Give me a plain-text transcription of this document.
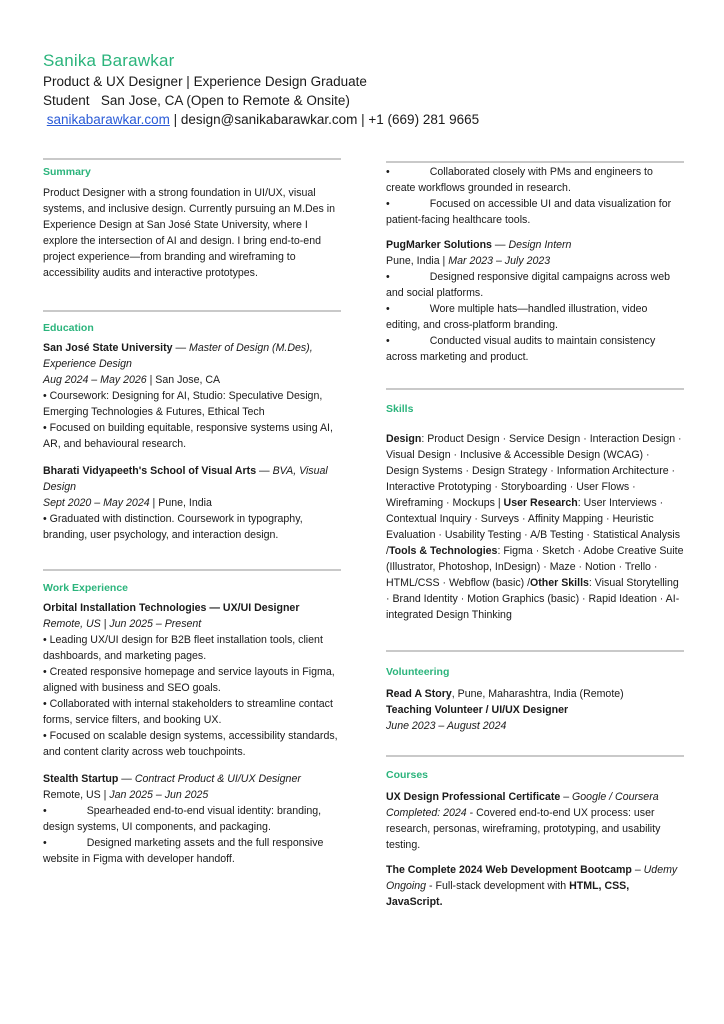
Sanika Barawkar
Product & UX Designer | Experience Design Graduate
Student San Jose, CA (Open to Remote & Onsite)
sanikabarawkar.com | design@sanikabarawkar.com | +1 (669) 281 9665
Summary

Product Designer with a strong foundation in UI/UX, visual systems, and inclusive design. Currently pursuing an M.Des in Experience Design at San José State University, where I explore the intersection of AI and design. I bring end-to-end project experience—from branding and wireframing to accessibility audits and interactive prototypes.

Education

San José State University — Master of Design (M.Des), Experience Design

Aug 2024 – May 2026 | San Jose, CA

• Coursework: Designing for AI, Studio: Speculative Design, Emerging Technologies & Futures, Ethical Tech

• Focused on building equitable, responsive systems using AI, AR, and behavioural research.

Bharati Vidyapeeth's School of Visual Arts — BVA, Visual Design

Sept 2020 – May 2024 | Pune, India

• Graduated with distinction. Coursework in typography, branding, user psychology, and interaction design.

Work Experience

Orbital Installation Technologies — UX/UI Designer

Remote, US | Jun 2025 – Present

• Leading UX/UI design for B2B fleet installation tools, client dashboards, and marketing pages.

• Created responsive homepage and service layouts in Figma, aligned with business and SEO goals.

• Collaborated with internal stakeholders to streamline contact forms, service filters, and booking UX.

• Focused on scalable design systems, accessibility standards, and content clarity across web touchpoints.

Stealth Startup — Contract Product & UI/UX Designer

Remote, US | Jan 2025 – Jun 2025

•	Spearheaded end-to-end visual identity: branding, design systems, UI components, and packaging.

•	Designed marketing assets and the full responsive website in Figma with developer handoff.

•	Collaborated closely with PMs and engineers to create workflows grounded in research.

•	Focused on accessible UI and data visualization for patient-facing healthcare tools.

PugMarker Solutions — Design Intern

Pune, India | Mar 2023 – July 2023

•	Designed responsive digital campaigns across web and social platforms.

•	Wore multiple hats—handled illustration, video editing, and cross-platform branding.

•	Conducted visual audits to maintain consistency across marketing and product.

Skills

Design: Product Design · Service Design · Interaction Design · Visual Design · Inclusive & Accessible Design (WCAG) · Design Systems · Design Strategy · Information Architecture · Interactive Prototyping · Storyboarding · User Flows · Wireframing · Mockups | User Research: User Interviews · Contextual Inquiry · Surveys · Affinity Mapping · Heuristic Evaluation · Usability Testing · A/B Testing · Statistical Analysis /Tools & Technologies: Figma · Sketch · Adobe Creative Suite (Illustrator, Photoshop, InDesign) · Maze · Notion · Trello · HTML/CSS · Webflow (basic) /Other Skills: Visual Storytelling · Brand Identity · Motion Graphics (basic) · Rapid Ideation · AI-integrated Design Thinking

Volunteering

Read A Story, Pune, Maharashtra, India (Remote)

Teaching Volunteer / UI/UX Designer

June 2023 – August 2024

Courses

UX Design Professional Certificate – Google / Coursera

Completed: 2024 - Covered end-to-end UX process: user research, personas, wireframing, prototyping, and usability testing.

The Complete 2024 Web Development Bootcamp – Udemy

Ongoing - Full-stack development with HTML, CSS, JavaScript.
